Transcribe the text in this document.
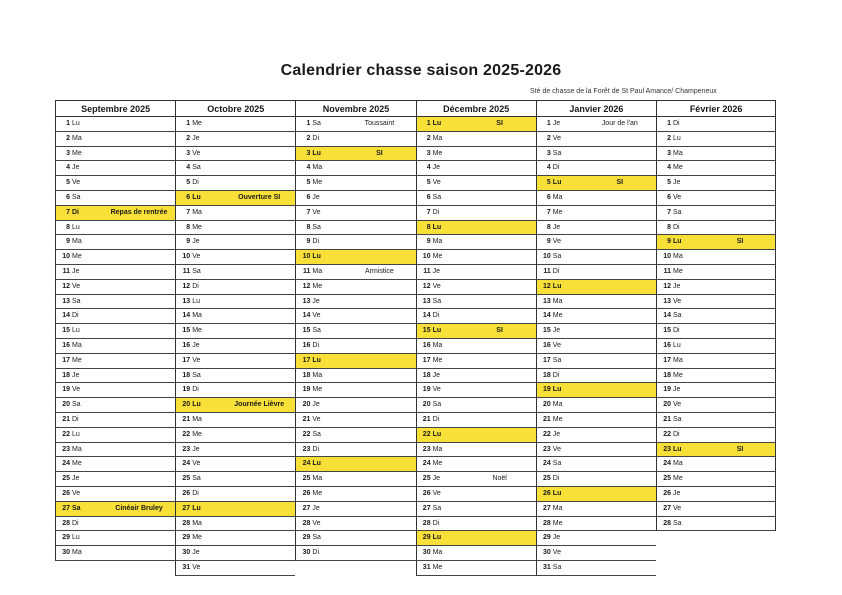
Calendrier chasse saison 2025-2026
Sté de chasse de la Forêt de St Paul Amance/ Champeneux
Septembre 2025
1 Lu
2 Ma
3 Me
4 Je
5 Ve
6 Sa
7 Di	Repas de rentrée
8 Lu
9 Ma
10 Me
11 Je
12 Ve
13 Sa
14 Di
15 Lu
16 Ma
17 Me
18 Je
19 Ve
20 Sa
21 Di
22 Lu
23 Ma
24 Me
25 Je
26 Ve
27 Sa	Cinéair Bruley
28 Di
29 Lu
30 Ma
Octobre 2025
1 Me
2 Je
3 Ve
4 Sa
5 Di
6 Lu	Ouverture SI
7 Ma
8 Me
9 Je
10 Ve
11 Sa
12 Di
13 Lu
14 Ma
15 Me
16 Je
17 Ve
18 Sa
19 Di
20 Lu	Journée Lièvre
21 Ma
22 Me
23 Je
24 Ve
25 Sa
26 Di
27 Lu
28 Ma
29 Me
30 Je
31 Ve
Novembre 2025
1 Sa	Toussaint
2 Di
3 Lu	SI
4 Ma
5 Me
6 Je
7 Ve
8 Sa
9 Di
10 Lu
11 Ma	Armistice
12 Me
13 Je
14 Ve
15 Sa
16 Di
17 Lu
18 Ma
19 Me
20 Je
21 Ve
22 Sa
23 Di
24 Lu
25 Ma
26 Me
27 Je
28 Ve
29 Sa
30 Di
Décembre 2025
1 Lu	SI
2 Ma
3 Me
4 Je
5 Ve
6 Sa
7 Di
8 Lu
9 Ma
10 Me
11 Je
12 Ve
13 Sa
14 Di
15 Lu	SI
16 Ma
17 Me
18 Je
19 Ve
20 Sa
21 Di
22 Lu
23 Ma
24 Me
25 Je	Noël
26 Ve
27 Sa
28 Di
29 Lu
30 Ma
31 Me
Janvier 2026
1 Je	Jour de l'an
2 Ve
3 Sa
4 Di
5 Lu	SI
6 Ma
7 Me
8 Je
9 Ve
10 Sa
11 Di
12 Lu
13 Ma
14 Me
15 Je
16 Ve
17 Sa
18 Di
19 Lu
20 Ma
21 Me
22 Je
23 Ve
24 Sa
25 Di
26 Lu
27 Ma
28 Me
29 Je
30 Ve
31 Sa
Février 2026
1 Di
2 Lu
3 Ma
4 Me
5 Je
6 Ve
7 Sa
8 Di
9 Lu	SI
10 Ma
11 Me
12 Je
13 Ve
14 Sa
15 Di
16 Lu
17 Ma
18 Me
19 Je
20 Ve
21 Sa
22 Di
23 Lu	SI
24 Ma
25 Me
26 Je
27 Ve
28 Sa
